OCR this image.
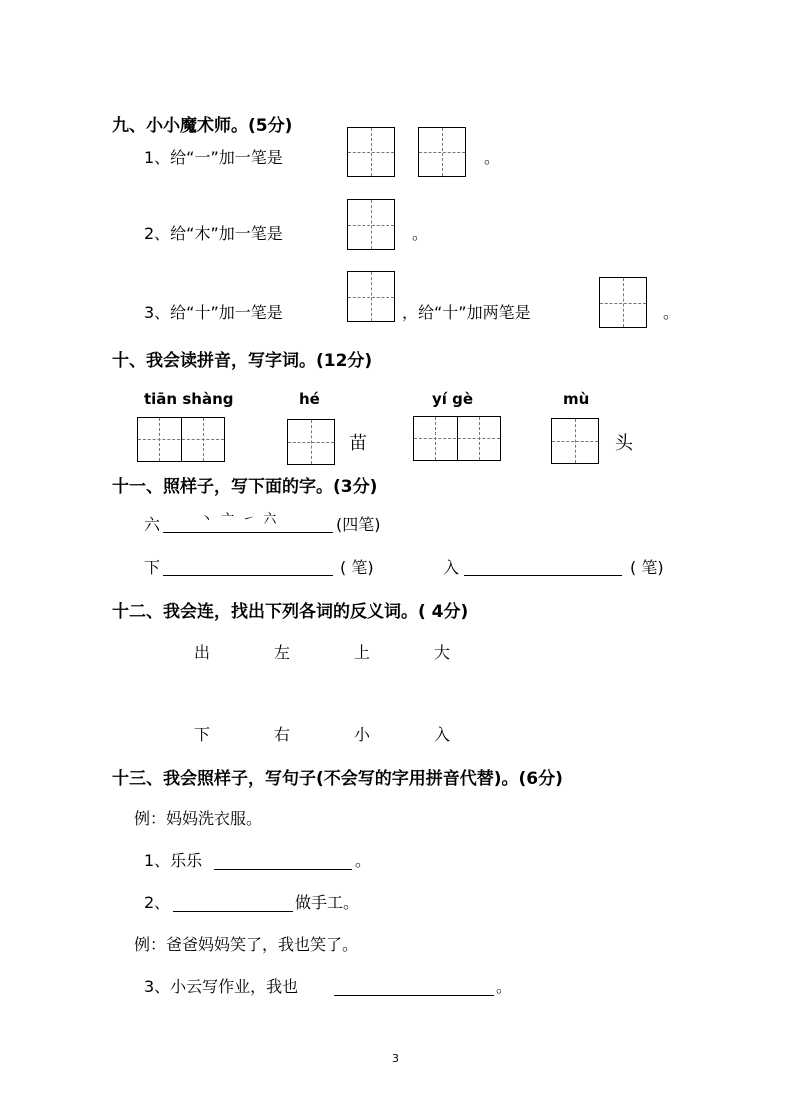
九、小小魔术师。(5分)
1、给“一”加一笔是	。
2、给“木”加一笔是	。
3、给“十”加一笔是	，给“十”加两笔是	。
十、我会读拼音，写字词。(12分)
tiān shàng	hé
苗
yí gè	mù
头
十一、照样子，写下面的字。(3分)
六	丶 亠 ㇀ 六	(四笔)
下	( 笔)	入	( 笔)
十二、我会连，找出下列各词的反义词。( 4分)
出	左	上	大
下	右	小	入
十三、我会照样子，写句子(不会写的字用拼音代替)。(6分)
例：妈妈洗衣服。
1、乐乐	。
2、	做手工。
例：爸爸妈妈笑了，我也笑了。
3、小云写作业，我也	。
3
